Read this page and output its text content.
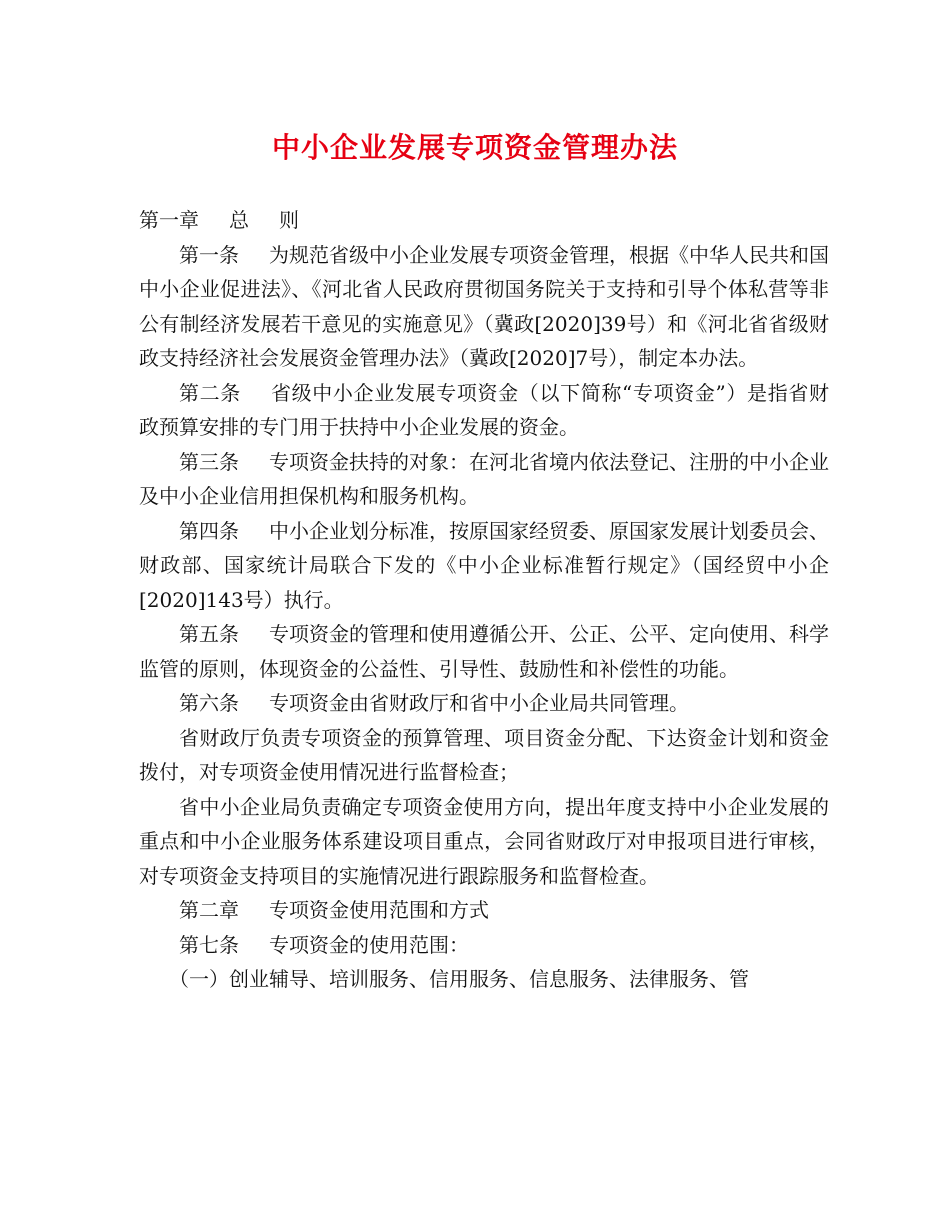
中小企业发展专项资金管理办法

第一章 总 则

第一条 为规范省级中小企业发展专项资金管理，根据《中华人民共和国中小企业促进法》、《河北省人民政府贯彻国务院关于支持和引导个体私营等非公有制经济发展若干意见的实施意见》（冀政[2020]39号）和《河北省省级财政支持经济社会发展资金管理办法》（冀政[2020]7号），制定本办法。

第二条 省级中小企业发展专项资金（以下简称“专项资金”）是指省财政预算安排的专门用于扶持中小企业发展的资金。

第三条 专项资金扶持的对象：在河北省境内依法登记、注册的中小企业及中小企业信用担保机构和服务机构。

第四条 中小企业划分标准，按原国家经贸委、原国家发展计划委员会、财政部、国家统计局联合下发的《中小企业标准暂行规定》（国经贸中小企[2020]143号）执行。

第五条 专项资金的管理和使用遵循公开、公正、公平、定向使用、科学监管的原则，体现资金的公益性、引导性、鼓励性和补偿性的功能。

第六条 专项资金由省财政厅和省中小企业局共同管理。

省财政厅负责专项资金的预算管理、项目资金分配、下达资金计划和资金拨付，对专项资金使用情况进行监督检查；

省中小企业局负责确定专项资金使用方向，提出年度支持中小企业发展的重点和中小企业服务体系建设项目重点，会同省财政厅对申报项目进行审核，对专项资金支持项目的实施情况进行跟踪服务和监督检查。

第二章 专项资金使用范围和方式

第七条 专项资金的使用范围：

（一）创业辅导、培训服务、信用服务、信息服务、法律服务、管
